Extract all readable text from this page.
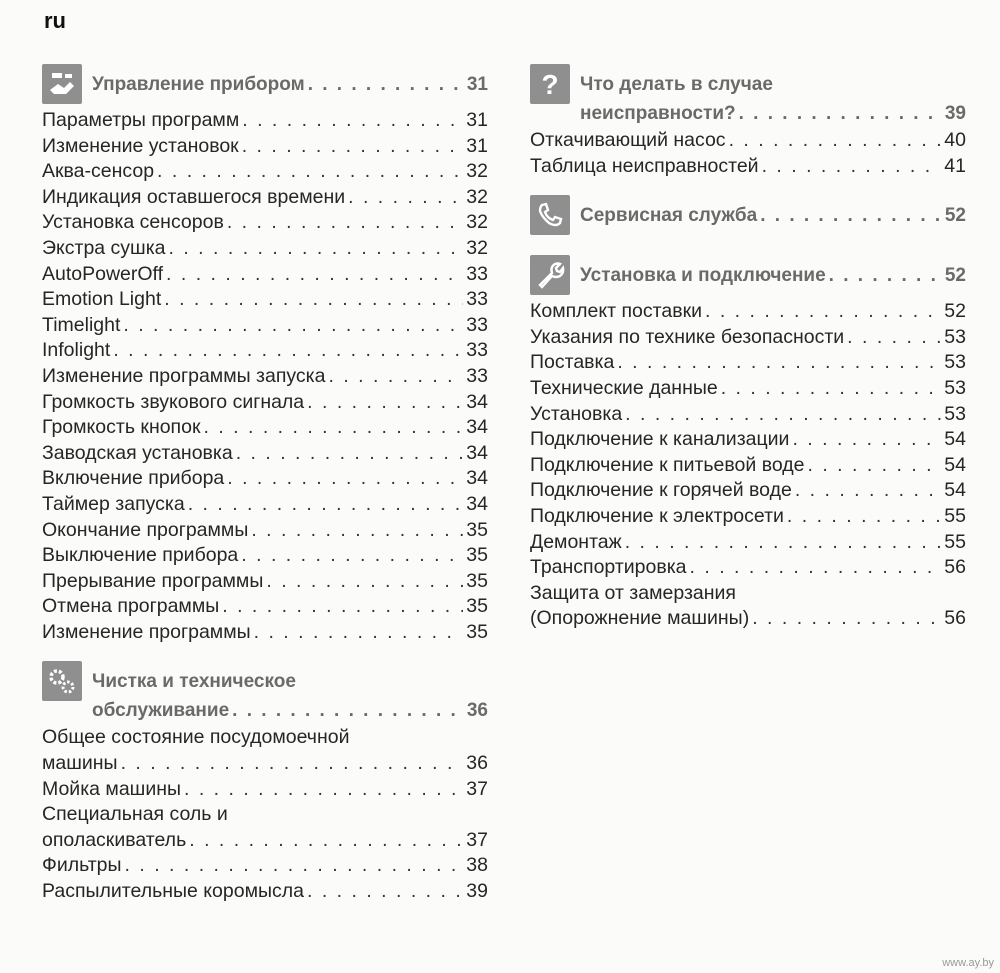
ru
Управление прибором . . .	31
Параметры программ . . .	31
Изменение установок . . .	31
Аква-сенсор . . .	32
Индикация оставшегося времени . . .	32
Установка сенсоров . . .	32
Экстра сушка . . .	32
AutoPowerOff . . .	33
Emotion Light . . .	33
Timelight . . .	33
Infolight . . .	33
Изменение программы запуска . . .	33
Громкость звукового сигнала . . .	34
Громкость кнопок . . .	34
Заводская установка . . .	34
Включение прибора . . .	34
Таймер запуска . . .	34
Окончание программы . . .	35
Выключение прибора . . .	35
Прерывание программы . . .	35
Отмена программы . . .	35
Изменение программы . . .	35
Чистка и техническое
обслуживание . . .	36
Общее состояние посудомоечной
машины . . .	36
Мойка машины . . .	37
Специальная соль и
ополаскиватель . . .	37
Фильтры . . .	38
Распылительные коромысла . . .	39
? Что делать в случае
неисправности? . . .	39
Откачивающий насос . . .	40
Таблица неисправностей . . .	41
Сервисная служба . . .	52
Установка и подключение . . .	52
Комплект поставки . . .	52
Указания по технике безопасности . . .	53
Поставка . . .	53
Технические данные . . .	53
Установка . . .	53
Подключение к канализации . . .	54
Подключение к питьевой воде . . .	54
Подключение к горячей воде . . .	54
Подключение к электросети . . .	55
Демонтаж . . .	55
Транспортировка . . .	56
Защита от замерзания
(Опорожнение машины) . . .	56
www.ay.by
